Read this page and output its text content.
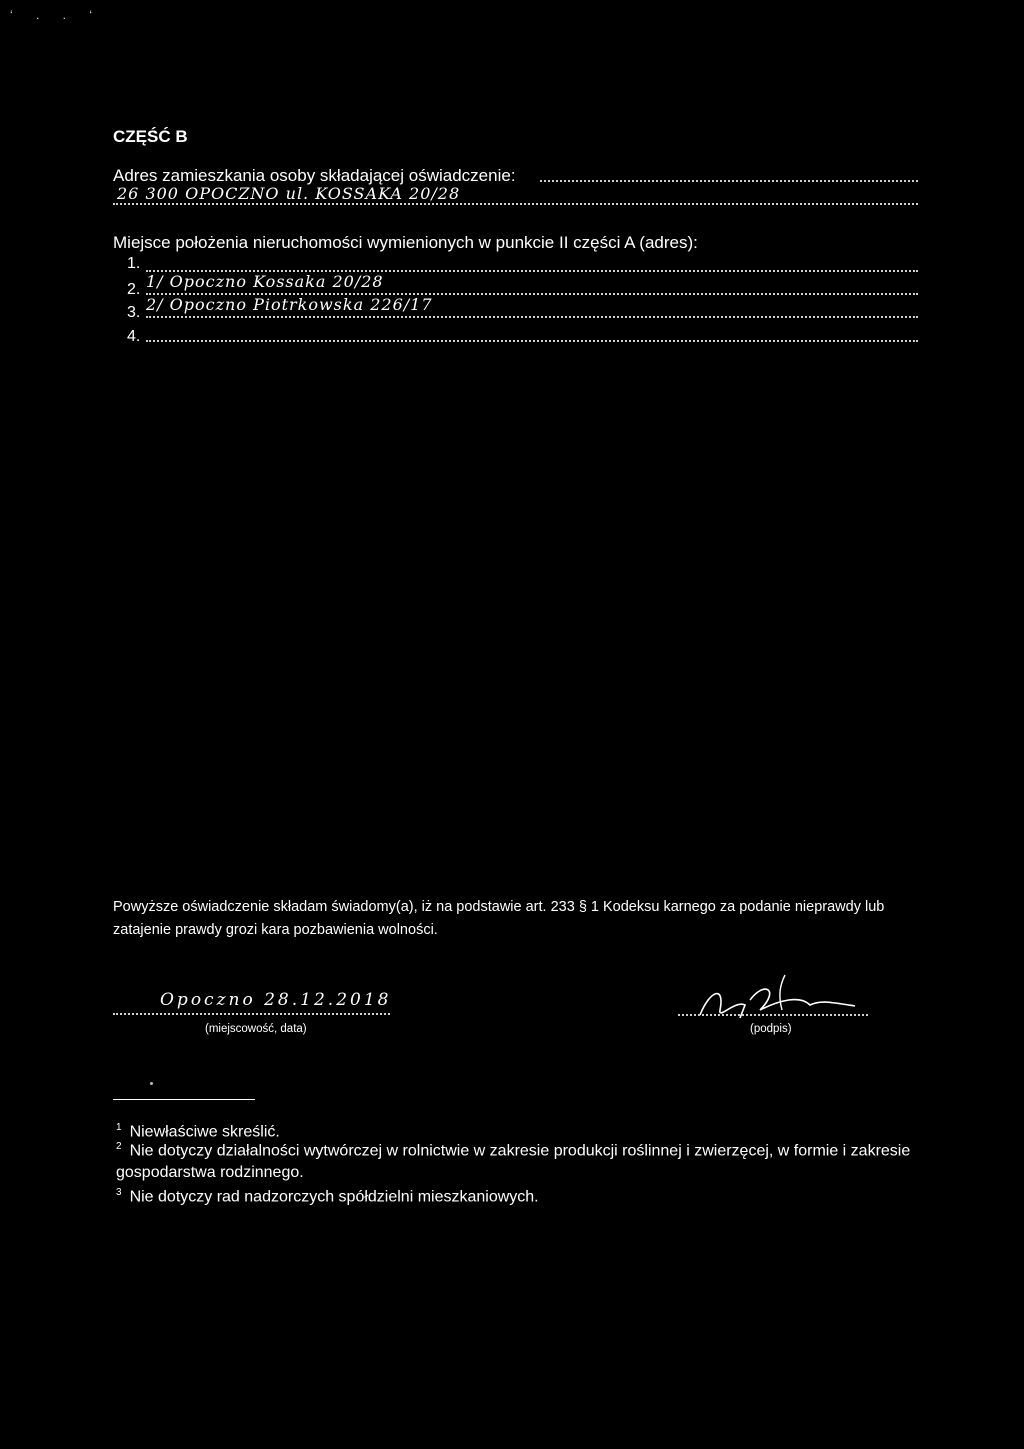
‘ . . ‘
CZĘŚĆ B
Adres zamieszkania osoby składającej oświadczenie:
26 300 OPOCZNO ul. KOSSAKA 20/28
Miejsce położenia nieruchomości wymienionych w punkcie II części A (adres):
1.
2. 1/ Opoczno Kossaka 20/28
3. 2/ Opoczno Piotrkowska 226/17
4.
Powyższe oświadczenie składam świadomy(a), iż na podstawie art. 233 § 1 Kodeksu karnego za podanie nieprawdy lub zatajenie prawdy grozi kara pozbawienia wolności.
Opoczno 28.12.2018
(miejscowość, data)	(podpis)
$^1$ Niewłaściwe skreślić.
$^2$ Nie dotyczy działalności wytwórczej w rolnictwie w zakresie produkcji roślinnej i zwierzęcej, w formie i zakresie gospodarstwa rodzinnego.
$^3$ Nie dotyczy rad nadzorczych spółdzielni mieszkaniowych.
